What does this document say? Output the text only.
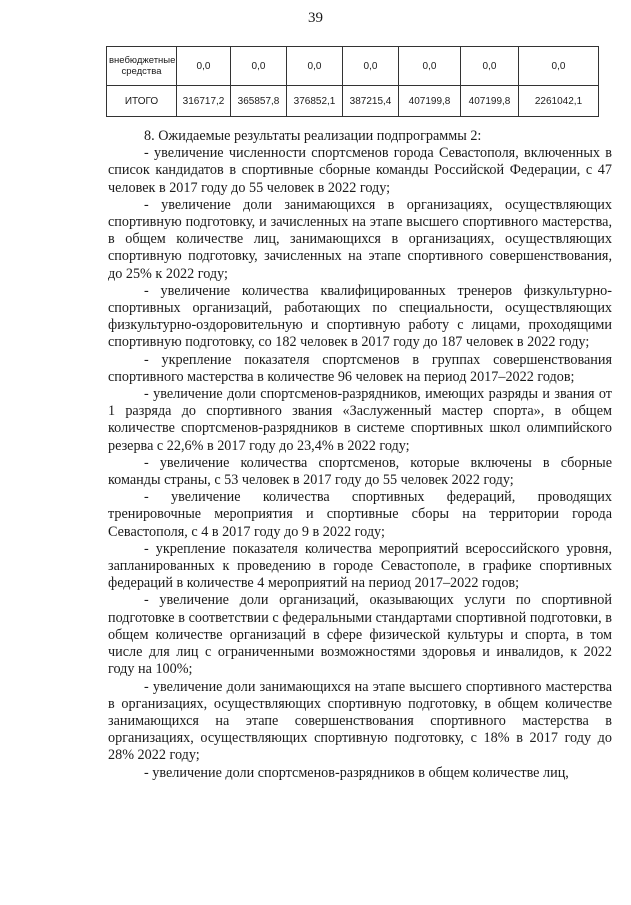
39
внебюджетные средства	0,0	0,0	0,0	0,0	0,0	0,0	0,0
ИТОГО	316717,2	365857,8	376852,1	387215,4	407199,8	407199,8	2261042,1

8. Ожидаемые результаты реализации подпрограммы 2:

- увеличение численности спортсменов города Севастополя, включенных в список кандидатов в спортивные сборные команды Российской Федерации, с 47 человек в 2017 году до 55 человек в 2022 году;

- увеличение доли занимающихся в организациях, осуществляющих спортивную подготовку, и зачисленных на этапе высшего спортивного мастерства, в общем количестве лиц, занимающихся в организациях, осуществляющих спортивную подготовку, зачисленных на этапе спортивного совершенствования, до 25% к 2022 году;

- увеличение количества квалифицированных тренеров физкультурно-спортивных организаций, работающих по специальности, осуществляющих физкультурно-оздоровительную и спортивную работу с лицами, проходящими спортивную подготовку, со 182 человек в 2017 году до 187 человек в 2022 году;

- укрепление показателя спортсменов в группах совершенствования спортивного мастерства в количестве 96 человек на период 2017–2022 годов;

- увеличение доли спортсменов-разрядников, имеющих разряды и звания от 1 разряда до спортивного звания «Заслуженный мастер спорта», в общем количестве спортсменов-разрядников в системе спортивных школ олимпийского резерва с 22,6% в 2017 году до 23,4% в 2022 году;

- увеличение количества спортсменов, которые включены в сборные команды страны, с 53 человек в 2017 году до 55 человек 2022 году;

- увеличение количества спортивных федераций, проводящих тренировочные мероприятия и спортивные сборы на территории города Севастополя, с 4 в 2017 году до 9 в 2022 году;

- укрепление показателя количества мероприятий всероссийского уровня, запланированных к проведению в городе Севастополе, в графике спортивных федераций в количестве 4 мероприятий на период 2017–2022 годов;

- увеличение доли организаций, оказывающих услуги по спортивной подготовке в соответствии с федеральными стандартами спортивной подготовки, в общем количестве организаций в сфере физической культуры и спорта, в том числе для лиц с ограниченными возможностями здоровья и инвалидов, к 2022 году на 100%;

- увеличение доли занимающихся на этапе высшего спортивного мастерства в организациях, осуществляющих спортивную подготовку, в общем количестве занимающихся на этапе совершенствования спортивного мастерства в организациях, осуществляющих спортивную подготовку, с 18% в 2017 году до 28% 2022 году;

- увеличение доли спортсменов-разрядников в общем количестве лиц,
